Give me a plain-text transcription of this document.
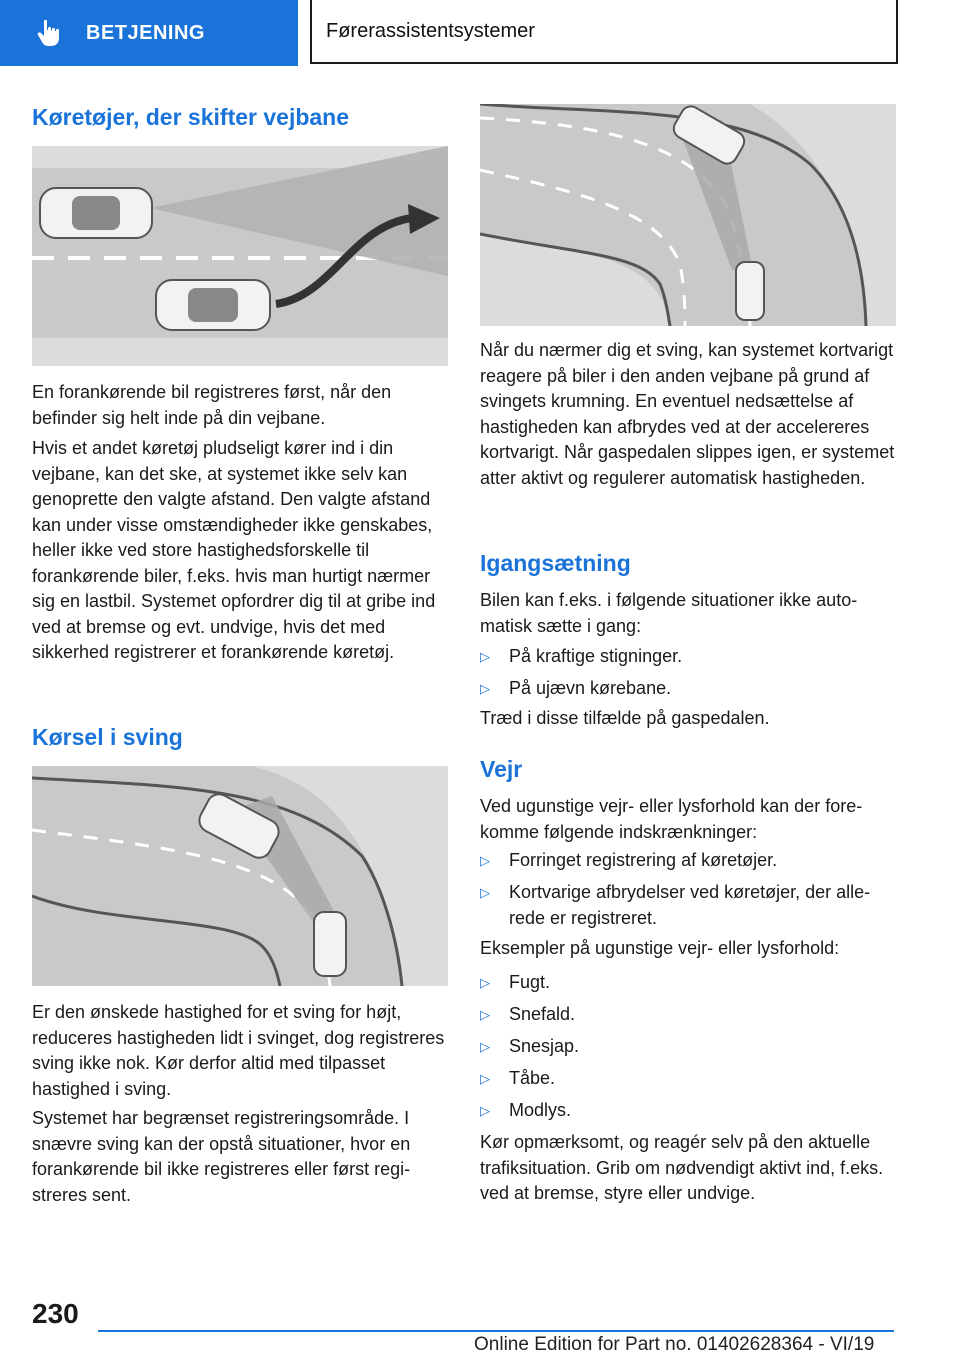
BETJENING	Førerassistentsystemer
Køretøjer, der skifter vejbane

En forankørende bil registreres først, når den befinder sig helt inde på din vejbane.

Hvis et andet køretøj pludseligt kører ind i din vejbane, kan det ske, at systemet ikke selv kan genoprette den valgte afstand. Den valgte afstand kan under visse omstændigheder ikke genskabes, heller ikke ved store hastighedsforskelle til forankørende biler, f.eks. hvis man hurtigt nærmer sig en lastbil. Systemet opfordrer dig til at gribe ind ved at bremse og evt. undvige, hvis det med sikkerhed registrerer et forankørende køretøj.

Kørsel i sving

Er den ønskede hastighed for et sving for højt, reduceres hastigheden lidt i svinget, dog registreres sving ikke nok. Kør derfor altid med tilpasset hastighed i sving.

Systemet har begrænset registreringsområde. I snævre sving kan der opstå situationer, hvor en forankørende bil ikke registreres eller først registreres sent.

Når du nærmer dig et sving, kan systemet kortvarigt reagere på biler i den anden vejbane på grund af svingets krumning. En eventuel nedsættelse af hastigheden kan afbrydes ved at der accelereres kortvarigt. Når gaspedalen slippes igen, er systemet atter aktivt og regulerer automatisk hastigheden.

Igangsætning

Bilen kan f.eks. i følgende situationer ikke automatisk sætte i gang:

▷	På kraftige stigninger.
▷	På ujævn kørebane.

Træd i disse tilfælde på gaspedalen.

Vejr

Ved ugunstige vejr- eller lysforhold kan der forekomme følgende indskrænkninger:

▷	Forringet registrering af køretøjer.
▷	Kortvarige afbrydelser ved køretøjer, der allerede er registreret.

Eksempler på ugunstige vejr- eller lysforhold:

▷	Fugt.
▷	Snefald.
▷	Snesjap.
▷	Tåbe.
▷	Modlys.

Kør opmærksomt, og reagér selv på den aktuelle trafiksituation. Grib om nødvendigt aktivt ind, f.eks. ved at bremse, styre eller undvige.

230
Online Edition for Part no. 01402628364 - VI/19
